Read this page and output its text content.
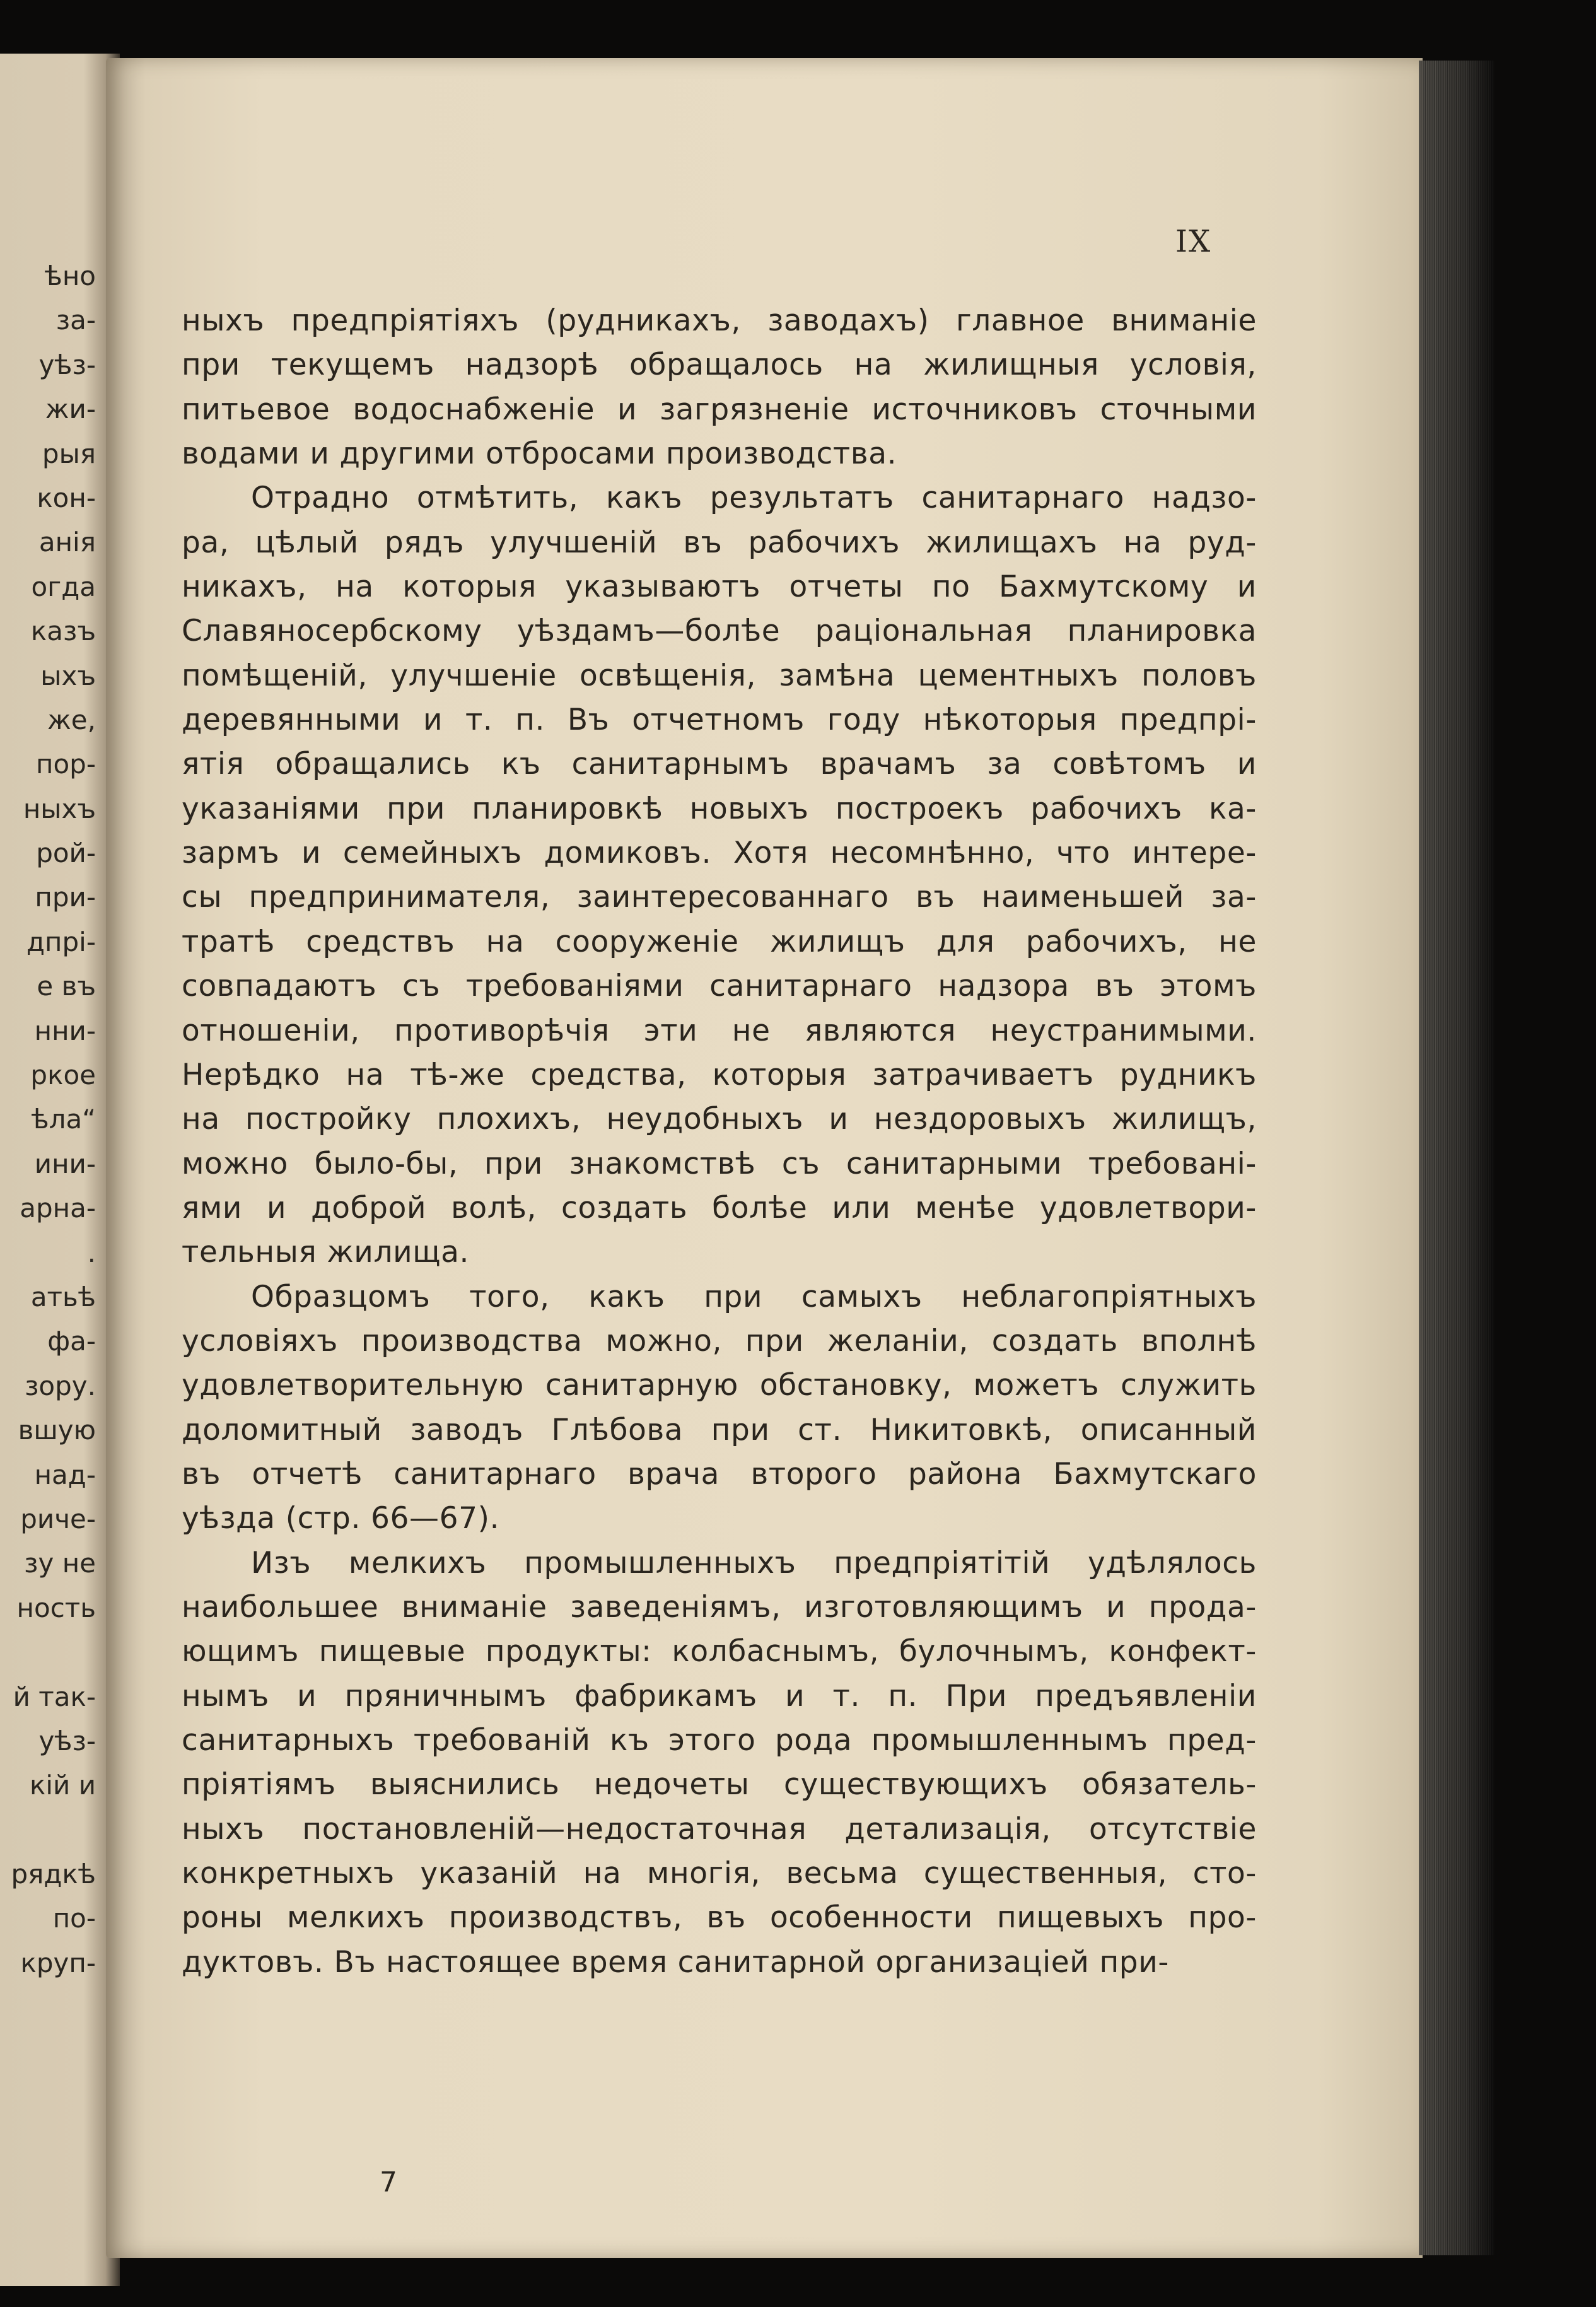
ѣно
за-
уѣз-
жи-
рыя
кон-
анія
огда
казъ
ыхъ
же,
пор-
ныхъ
рой-
при-
дпрі-
е въ
нни-
ркое
ѣла“
ини-
арна-
.
атьѣ
фа-
зору.
вшую
над-
риче-
зу не
ность
й так-
уѣз-
кій и
рядкѣ
по-
круп-
IX
ныхъ предпріятіяхъ (рудникахъ, заводахъ) главное вниманіе
при текущемъ надзорѣ обращалось на жилищныя условія,
питьевое водоснабженіе и загрязненіе источниковъ сточными
водами и другими отбросами производства.
Отрадно отмѣтить, какъ результатъ санитарнаго надзо-
ра, цѣлый рядъ улучшеній въ рабочихъ жилищахъ на руд-
никахъ, на которыя указываютъ отчеты по Бахмутскому и
Славяносербскому уѣздамъ—болѣе раціональная планировка
помѣщеній, улучшеніе освѣщенія, замѣна цементныхъ половъ
деревянными и т. п. Въ отчетномъ году нѣкоторыя предпрі-
ятія обращались къ санитарнымъ врачамъ за совѣтомъ и
указаніями при планировкѣ новыхъ построекъ рабочихъ ка-
зармъ и семейныхъ домиковъ. Хотя несомнѣнно, что интере-
сы предпринимателя, заинтересованнаго въ наименьшей за-
тратѣ средствъ на сооруженіе жилищъ для рабочихъ, не
совпадаютъ съ требованіями санитарнаго надзора въ этомъ
отношеніи, противорѣчія эти не являются неустранимыми.
Нерѣдко на тѣ-же средства, которыя затрачиваетъ рудникъ
на постройку плохихъ, неудобныхъ и нездоровыхъ жилищъ,
можно было-бы, при знакомствѣ съ санитарными требовані-
ями и доброй волѣ, создать болѣе или менѣе удовлетвори-
тельныя жилища.
Образцомъ того, какъ при самыхъ неблагопріятныхъ
условіяхъ производства можно, при желаніи, создать вполнѣ
удовлетворительную санитарную обстановку, можетъ служить
доломитный заводъ Глѣбова при ст. Никитовкѣ, описанный
въ отчетѣ санитарнаго врача второго района Бахмутскаго
уѣзда (стр. 66—67).
Изъ мелкихъ промышленныхъ предпріятітій удѣлялось
наибольшее вниманіе заведеніямъ, изготовляющимъ и прода-
ющимъ пищевые продукты: колбаснымъ, булочнымъ, конфект-
нымъ и пряничнымъ фабрикамъ и т. п. При предъявленіи
санитарныхъ требованій къ этого рода промышленнымъ пред-
пріятіямъ выяснились недочеты существующихъ обязатель-
ныхъ постановленій—недостаточная детализація, отсутствіе
конкретныхъ указаній на многія, весьма существенныя, сто-
роны мелкихъ производствъ, въ особенности пищевыхъ про-
дуктовъ. Въ настоящее время санитарной организаціей при-
7
